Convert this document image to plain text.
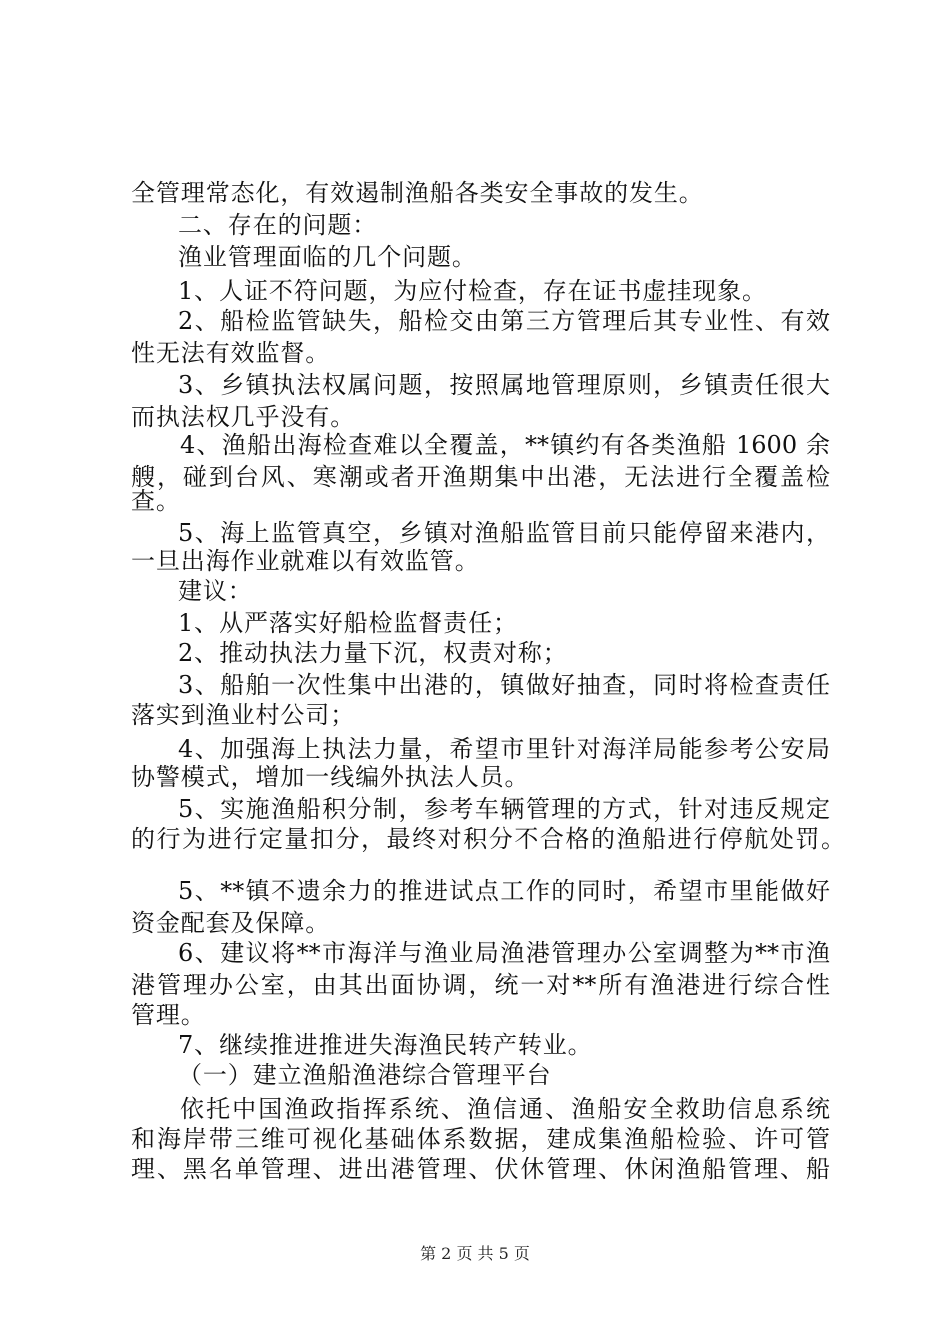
全管理常态化，有效遏制渔船各类安全事故的发生。
二、存在的问题：
渔业管理面临的几个问题。
1、人证不符问题，为应付检查，存在证书虚挂现象。
2、船检监管缺失，船检交由第三方管理后其专业性、有效
性无法有效监督。
3、乡镇执法权属问题，按照属地管理原则，乡镇责任很大
而执法权几乎没有。
4、渔船出海检查难以全覆盖，**镇约有各类渔船 1600 余
艘，碰到台风、寒潮或者开渔期集中出港，无法进行全覆盖检
查。
5、海上监管真空，乡镇对渔船监管目前只能停留来港内，
一旦出海作业就难以有效监管。
建议：
1、从严落实好船检监督责任；
2、推动执法力量下沉，权责对称；
3、船舶一次性集中出港的，镇做好抽查，同时将检查责任
落实到渔业村公司；
4、加强海上执法力量，希望市里针对海洋局能参考公安局
协警模式，增加一线编外执法人员。
5、实施渔船积分制，参考车辆管理的方式，针对违反规定
的行为进行定量扣分，最终对积分不合格的渔船进行停航处罚。
5、**镇不遗余力的推进试点工作的同时，希望市里能做好
资金配套及保障。
6、建议将**市海洋与渔业局渔港管理办公室调整为**市渔
港管理办公室，由其出面协调，统一对**所有渔港进行综合性
管理。
7、继续推进推进失海渔民转产转业。
（一）建立渔船渔港综合管理平台
依托中国渔政指挥系统、渔信通、渔船安全救助信息系统
和海岸带三维可视化基础体系数据，建成集渔船检验、许可管
理、黑名单管理、进出港管理、伏休管理、休闲渔船管理、船
第 2 页 共 5 页
